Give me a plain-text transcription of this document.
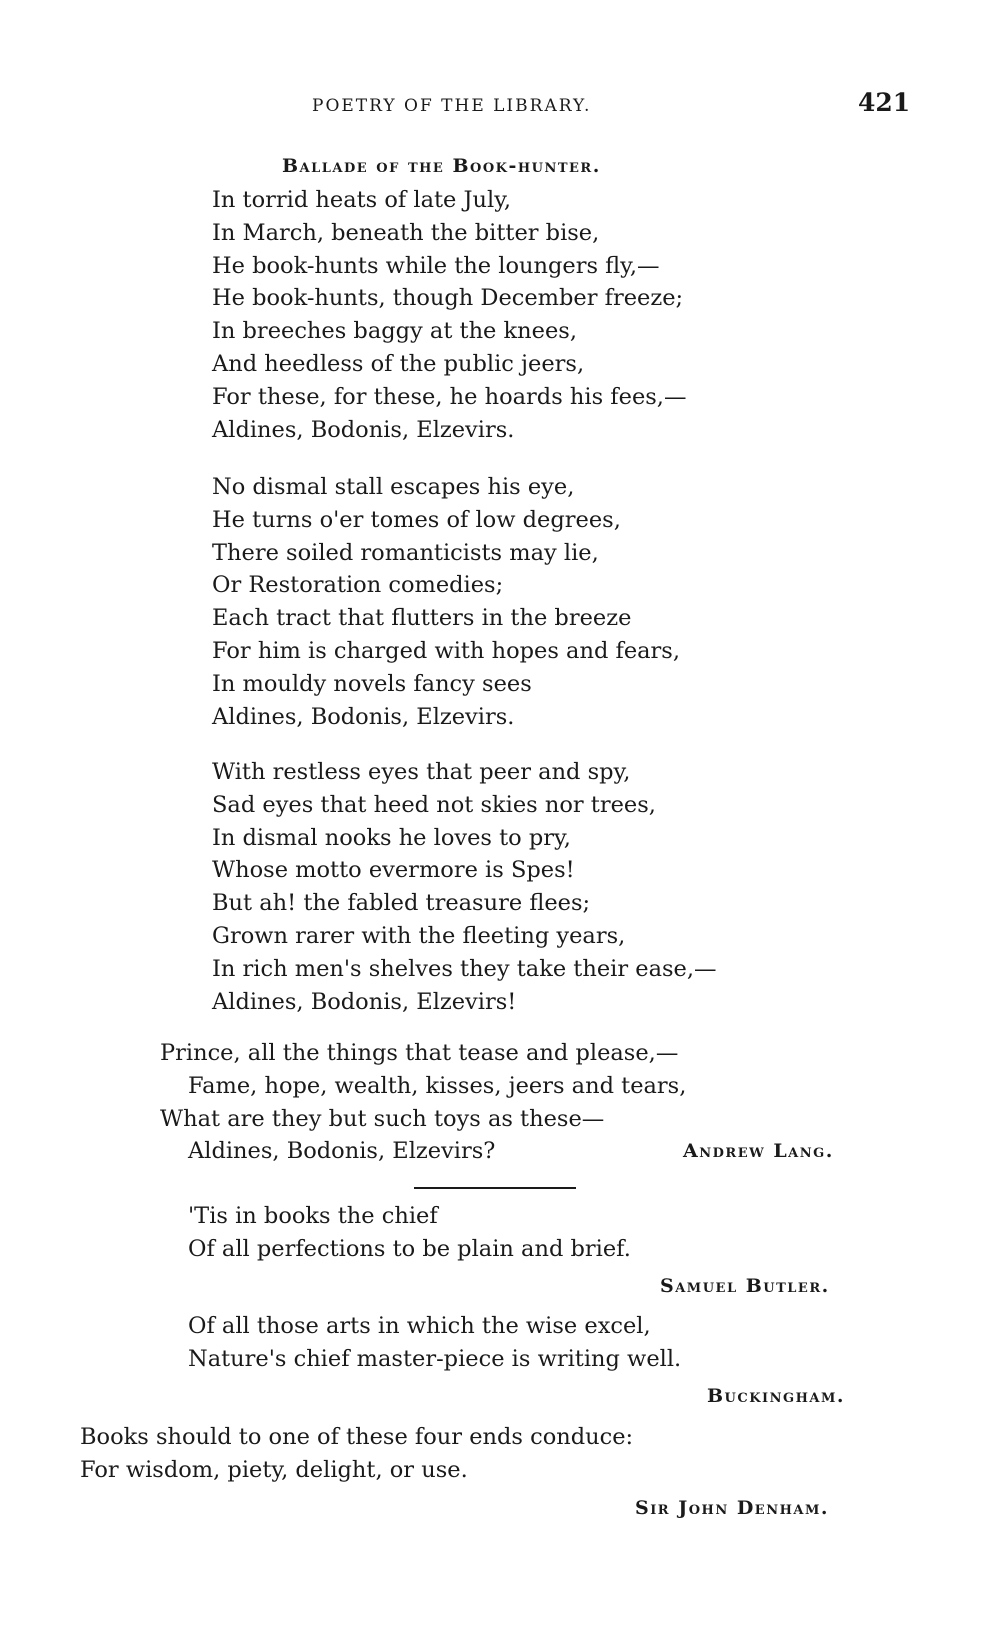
POETRY OF THE LIBRARY.	421
Ballade of the Book-hunter.
In torrid heats of late July,
In March, beneath the bitter bise,
He book-hunts while the loungers fly,—
He book-hunts, though December freeze;
In breeches baggy at the knees,
And heedless of the public jeers,
For these, for these, he hoards his fees,—
Aldines, Bodonis, Elzevirs.
No dismal stall escapes his eye,
He turns o'er tomes of low degrees,
There soiled romanticists may lie,
Or Restoration comedies;
Each tract that flutters in the breeze
For him is charged with hopes and fears,
In mouldy novels fancy sees
Aldines, Bodonis, Elzevirs.
With restless eyes that peer and spy,
Sad eyes that heed not skies nor trees,
In dismal nooks he loves to pry,
Whose motto evermore is Spes!
But ah! the fabled treasure flees;
Grown rarer with the fleeting years,
In rich men's shelves they take their ease,—
Aldines, Bodonis, Elzevirs!
Prince, all the things that tease and please,—
Fame, hope, wealth, kisses, jeers and tears,
What are they but such toys as these—
Aldines, Bodonis, Elzevirs?	Andrew Lang.
'Tis in books the chief
Of all perfections to be plain and brief.
Samuel Butler.
Of all those arts in which the wise excel,
Nature's chief master-piece is writing well.
Buckingham.
Books should to one of these four ends conduce:
For wisdom, piety, delight, or use.
Sir John Denham.
